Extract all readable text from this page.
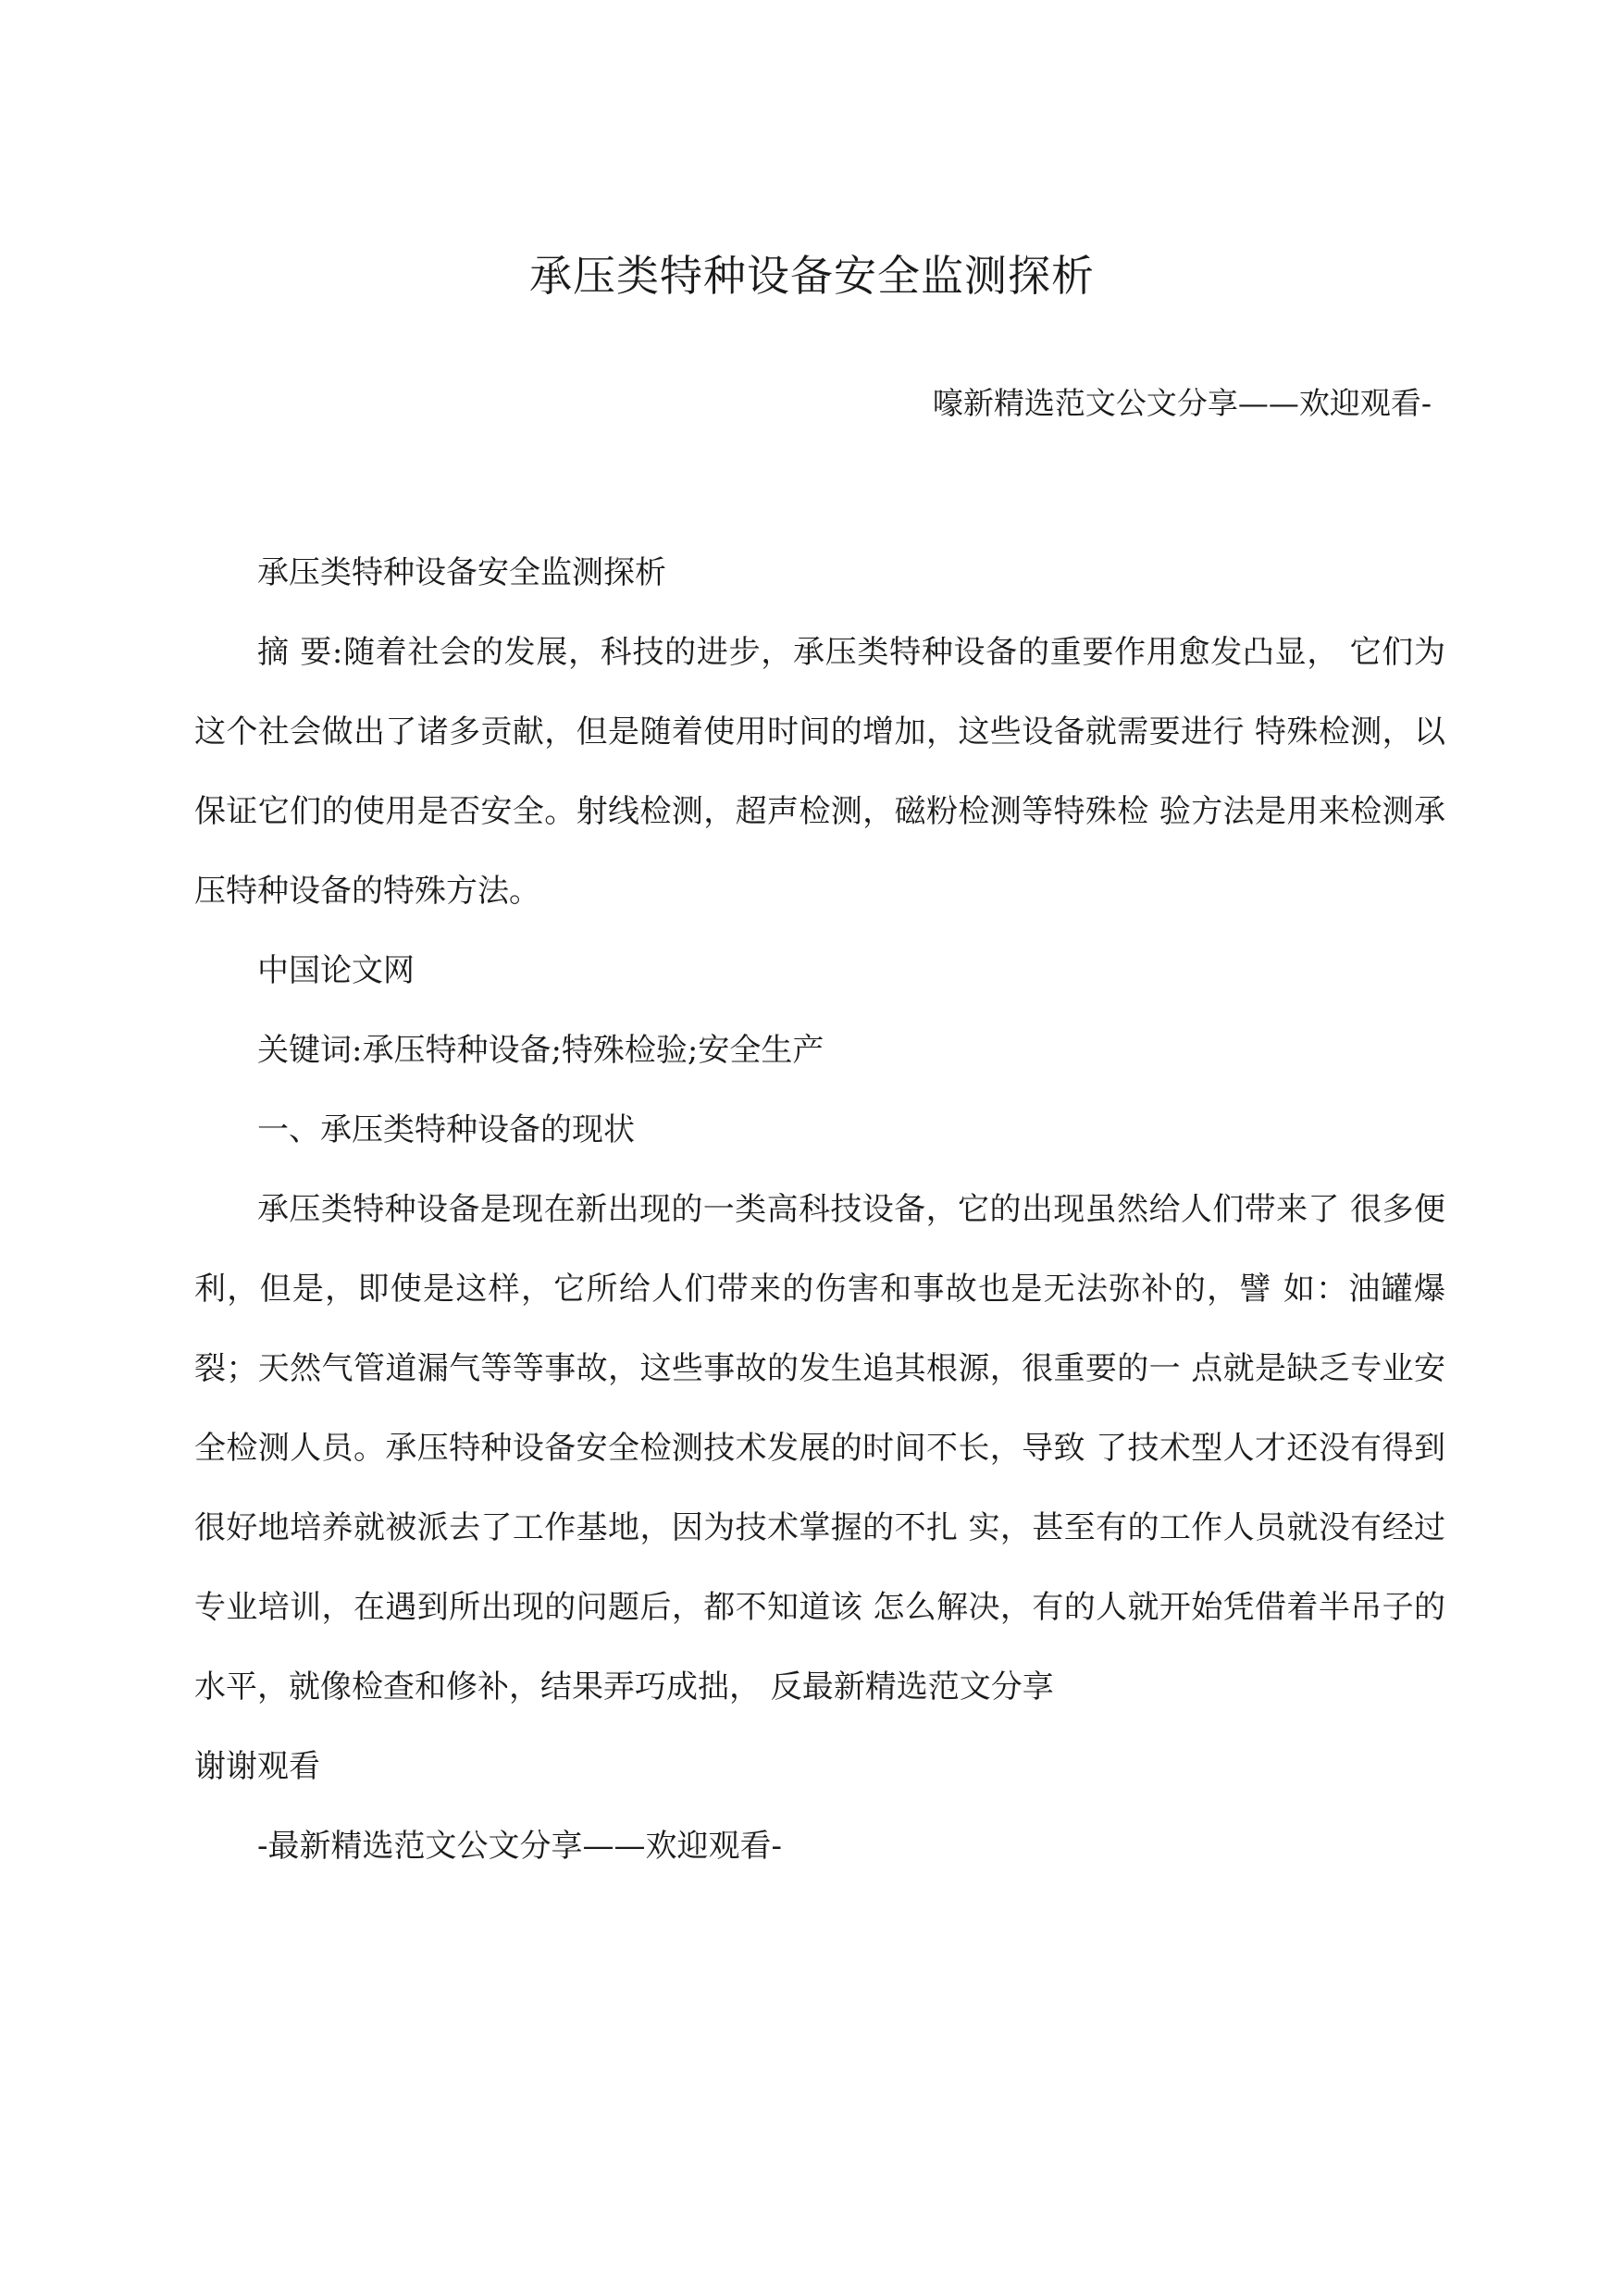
承压类特种设备安全监测探析
嚎新精选范文公文分享——欢迎观看-

承压类特种设备安全监测探析

摘 要:随着社会的发展，科技的进步，承压类特种设备的重要作用愈发凸显， 它们为这个社会做出了诸多贡献，但是随着使用时间的增加，这些设备就需要进行 特殊检测，以保证它们的使用是否安全。射线检测，超声检测，磁粉检测等特殊检 验方法是用来检测承压特种设备的特殊方法。

中国论文网

关键词:承压特种设备;特殊检验;安全生产

一、承压类特种设备的现状

承压类特种设备是现在新出现的一类高科技设备，它的出现虽然给人们带来了 很多便利，但是，即使是这样，它所给人们带来的伤害和事故也是无法弥补的，譬 如：油罐爆裂；天然气管道漏气等等事故，这些事故的发生追其根源，很重要的一 点就是缺乏专业安全检测人员。承压特种设备安全检测技术发展的时间不长，导致 了技术型人才还没有得到很好地培养就被派去了工作基地，因为技术掌握的不扎 实，甚至有的工作人员就没有经过专业培训，在遇到所出现的问题后，都不知道该 怎么解决，有的人就开始凭借着半吊子的水平，就像检查和修补，结果弄巧成拙， 反最新精选范文分享

谢谢观看

-最新精选范文公文分享——欢迎观看-
